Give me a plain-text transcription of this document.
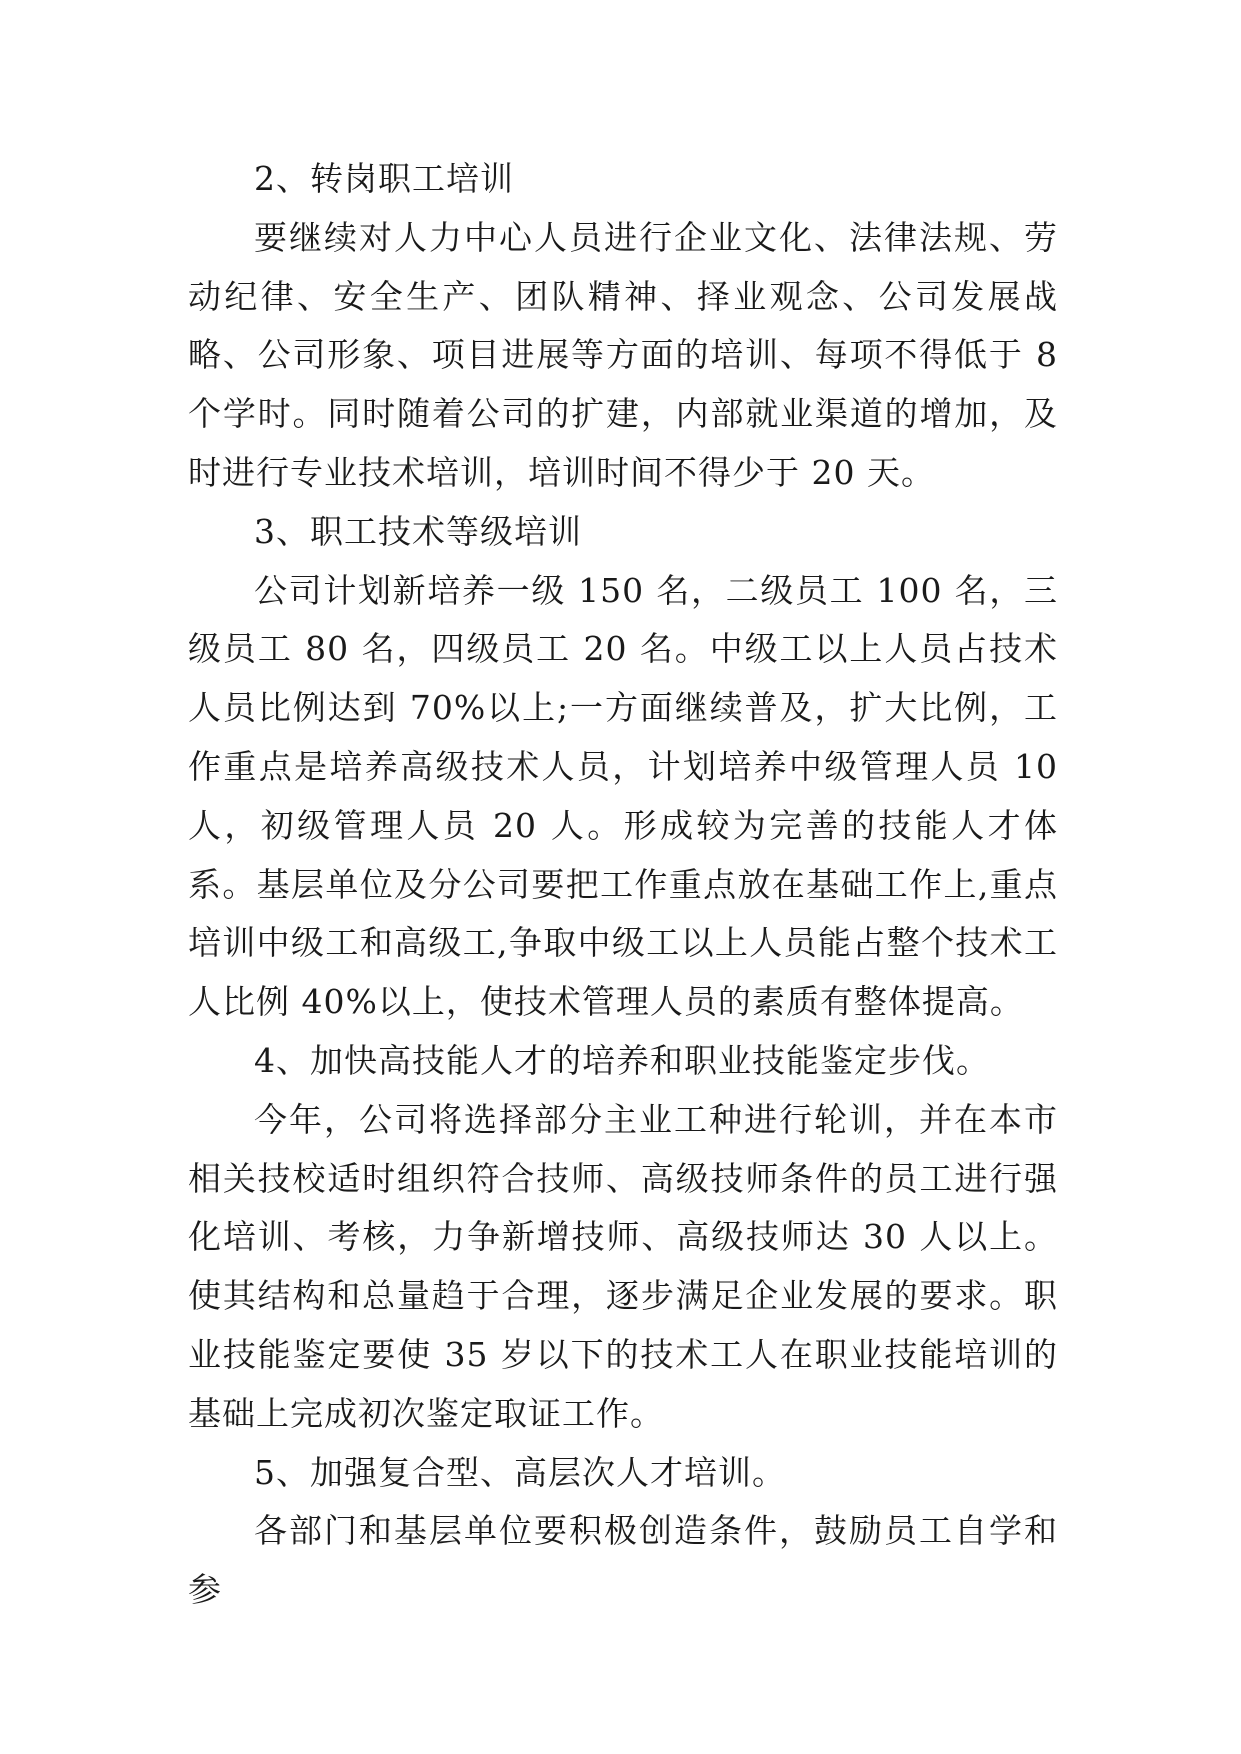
2、转岗职工培训

要继续对人力中心人员进行企业文化、法律法规、劳动纪律、安全生产、团队精神、择业观念、公司发展战略、公司形象、项目进展等方面的培训、每项不得低于 8 个学时。同时随着公司的扩建，内部就业渠道的增加，及时进行专业技术培训，培训时间不得少于 20 天。

3、职工技术等级培训

公司计划新培养一级 150 名，二级员工 100 名，三级员工 80 名，四级员工 20 名。中级工以上人员占技术人员比例达到 70%以上;一方面继续普及，扩大比例，工作重点是培养高级技术人员，计划培养中级管理人员 10 人，初级管理人员 20 人。形成较为完善的技能人才体系。基层单位及分公司要把工作重点放在基础工作上,重点培训中级工和高级工,争取中级工以上人员能占整个技术工人比例 40%以上，使技术管理人员的素质有整体提高。

4、加快高技能人才的培养和职业技能鉴定步伐。

今年，公司将选择部分主业工种进行轮训，并在本市相关技校适时组织符合技师、高级技师条件的员工进行强化培训、考核，力争新增技师、高级技师达 30 人以上。使其结构和总量趋于合理，逐步满足企业发展的要求。职业技能鉴定要使 35 岁以下的技术工人在职业技能培训的基础上完成初次鉴定取证工作。

5、加强复合型、高层次人才培训。

各部门和基层单位要积极创造条件，鼓励员工自学和参
